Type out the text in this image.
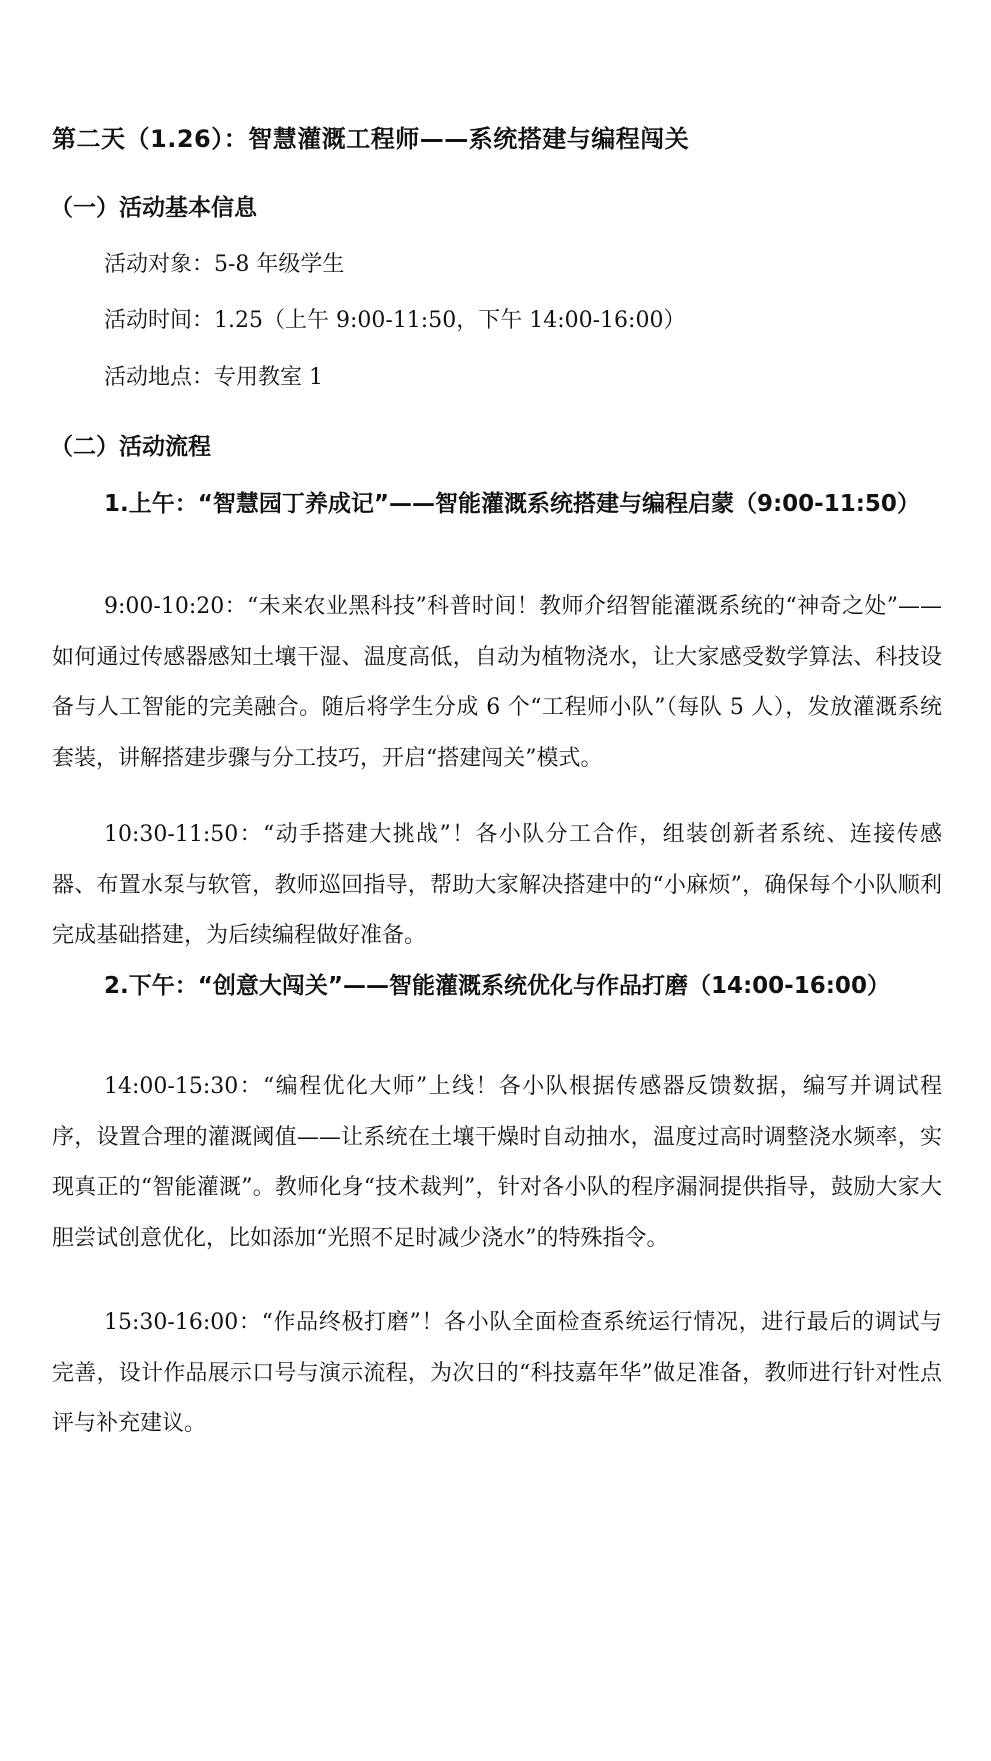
第二天（1.26）：智慧灌溉工程师——系统搭建与编程闯关
（一）活动基本信息
活动对象：5-8 年级学生
活动时间：1.25（上午 9:00-11:50，下午 14:00-16:00）
活动地点：专用教室 1
（二）活动流程
1.上午：“智慧园丁养成记”——智能灌溉系统搭建与编程启蒙（9:00-11:50）
9:00-10:20：“未来农业黑科技”科普时间！教师介绍智能灌溉系统的“神奇之处”——如何通过传感器感知土壤干湿、温度高低，自动为植物浇水，让大家感受数学算法、科技设备与人工智能的完美融合。随后将学生分成 6 个“工程师小队”（每队 5 人），发放灌溉系统套装，讲解搭建步骤与分工技巧，开启“搭建闯关”模式。
10:30-11:50：“动手搭建大挑战”！各小队分工合作，组装创新者系统、连接传感器、布置水泵与软管，教师巡回指导，帮助大家解决搭建中的“小麻烦”，确保每个小队顺利完成基础搭建，为后续编程做好准备。
2.下午：“创意大闯关”——智能灌溉系统优化与作品打磨（14:00-16:00）
14:00-15:30：“编程优化大师”上线！各小队根据传感器反馈数据，编写并调试程序，设置合理的灌溉阈值——让系统在土壤干燥时自动抽水，温度过高时调整浇水频率，实现真正的“智能灌溉”。教师化身“技术裁判”，针对各小队的程序漏洞提供指导，鼓励大家大胆尝试创意优化，比如添加“光照不足时减少浇水”的特殊指令。
15:30-16:00：“作品终极打磨”！各小队全面检查系统运行情况，进行最后的调试与完善，设计作品展示口号与演示流程，为次日的“科技嘉年华”做足准备，教师进行针对性点评与补充建议。
